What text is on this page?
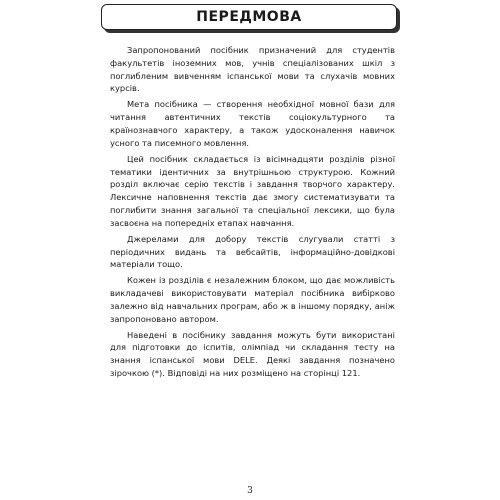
ПЕРЕДМОВА

Запропонований посібник призначений для студентів факультетів іноземних мов, учнів спеціалізованих шкіл з поглибленим вивченням іспанської мови та слухачів мовних курсів.

Мета посібника — створення необхідної мовної бази для читання автентичних текстів соціокультурного та країнознавчого характеру, а також удосконалення навичок усного та писемного мовлення.

Цей посібник складається із вісімнадцяти розділів різної тематики ідентичних за внутрішньою структурою. Кожний розділ включає серію текстів і завдання творчого характеру. Лексичне наповнення текстів дає змогу систематизувати та поглибити знання загальної та спеціальної лексики, що була засвоєна на попередніх етапах навчання.

Джерелами для добору текстів слугували статті з періодичних видань та вебсайтів, інформаційно-довідкові матеріали тощо.

Кожен із розділів є незалежним блоком, що дає можливість викладачеві використовувати матеріал посібника вибірково залежно від навчальних програм, або ж в іншому порядку, аніж запропоновано автором.

Наведені в посібнику завдання можуть бути використані для підготовки до іспитів, олімпіад чи складання тесту на знання іспанської мови DELE. Деякі завдання позначено зірочкою (*). Відповіді на них розміщено на сторінці 121.

3
